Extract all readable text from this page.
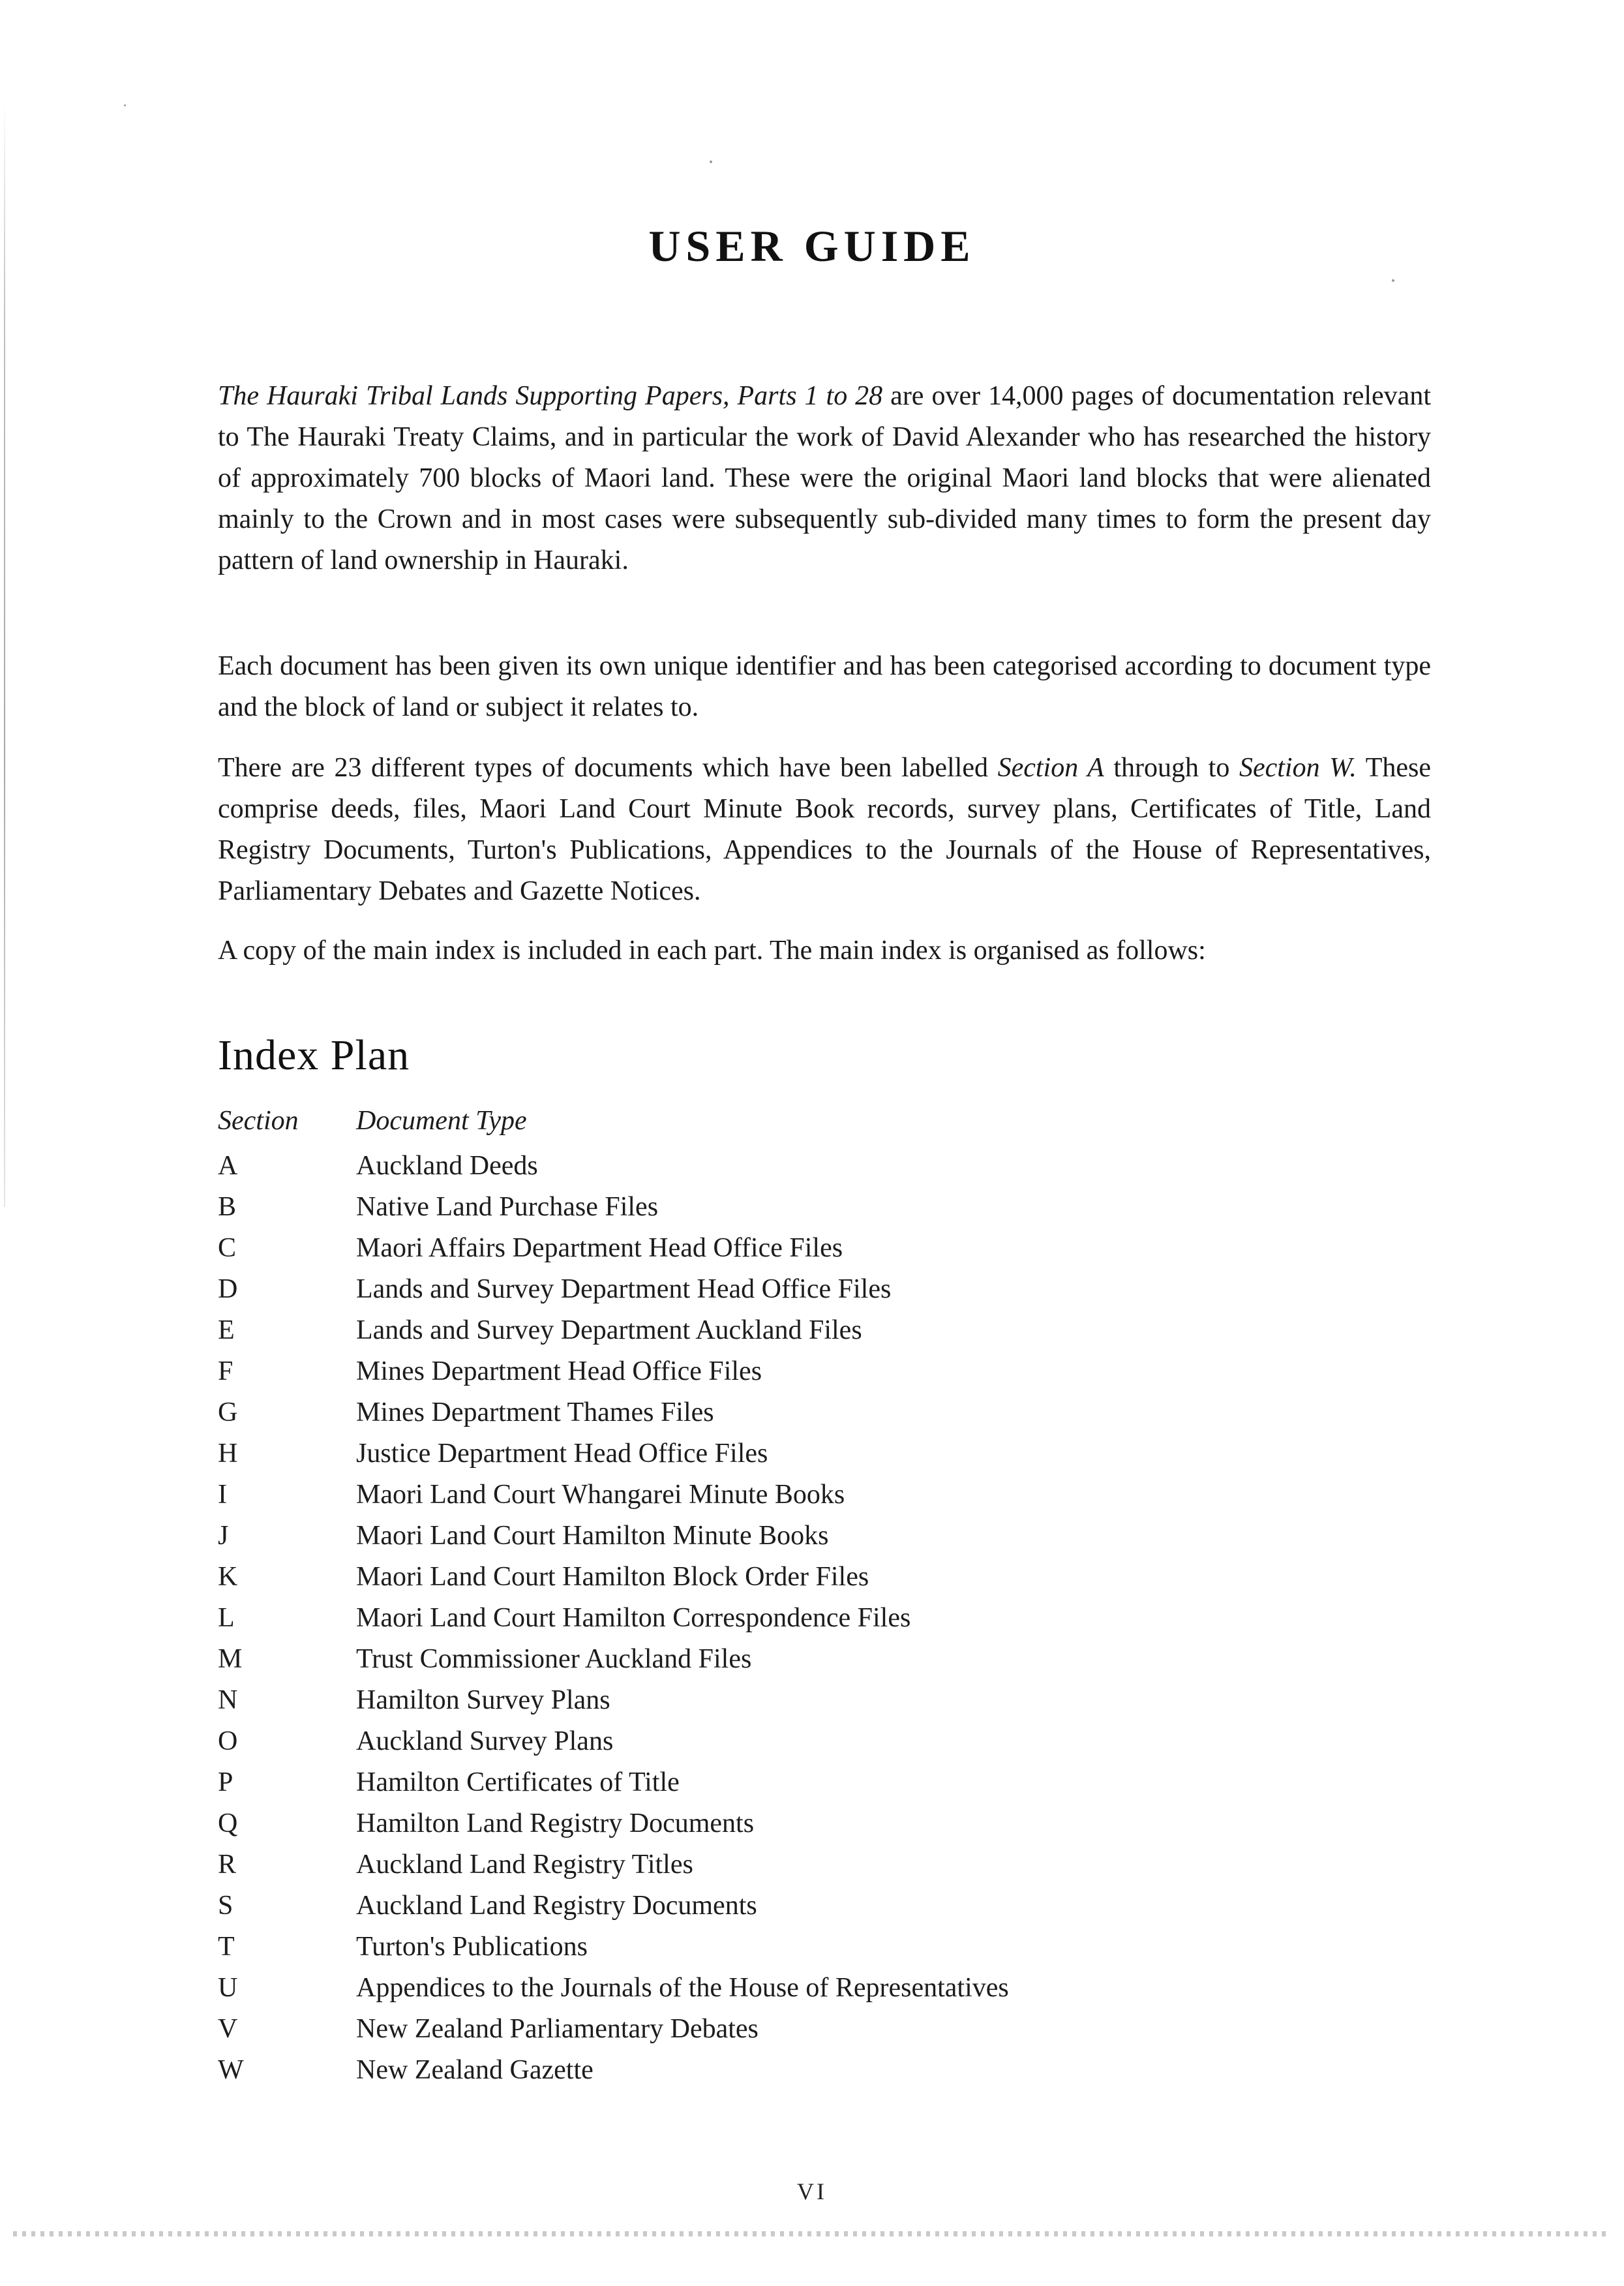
USER GUIDE

The Hauraki Tribal Lands Supporting Papers, Parts 1 to 28 are over 14,000 pages of documentation relevant to The Hauraki Treaty Claims, and in particular the work of David Alexander who has researched the history of approximately 700 blocks of Maori land. These were the original Maori land blocks that were alienated mainly to the Crown and in most cases were subsequently sub-divided many times to form the present day pattern of land ownership in Hauraki.

Each document has been given its own unique identifier and has been categorised according to document type and the block of land or subject it relates to.

There are 23 different types of documents which have been labelled Section A through to Section W. These comprise deeds, files, Maori Land Court Minute Book records, survey plans, Certificates of Title, Land Registry Documents, Turton's Publications, Appendices to the Journals of the House of Representatives, Parliamentary Debates and Gazette Notices.

A copy of the main index is included in each part. The main index is organised as follows:

Index Plan
Section	Document Type
A	Auckland Deeds
B	Native Land Purchase Files
C	Maori Affairs Department Head Office Files
D	Lands and Survey Department Head Office Files
E	Lands and Survey Department Auckland Files
F	Mines Department Head Office Files
G	Mines Department Thames Files
H	Justice Department Head Office Files
I	Maori Land Court Whangarei Minute Books
J	Maori Land Court Hamilton Minute Books
K	Maori Land Court Hamilton Block Order Files
L	Maori Land Court Hamilton Correspondence Files
M	Trust Commissioner Auckland Files
N	Hamilton Survey Plans
O	Auckland Survey Plans
P	Hamilton Certificates of Title
Q	Hamilton Land Registry Documents
R	Auckland Land Registry Titles
S	Auckland Land Registry Documents
T	Turton's Publications
U	Appendices to the Journals of the House of Representatives
V	New Zealand Parliamentary Debates
W	New Zealand Gazette
VI
